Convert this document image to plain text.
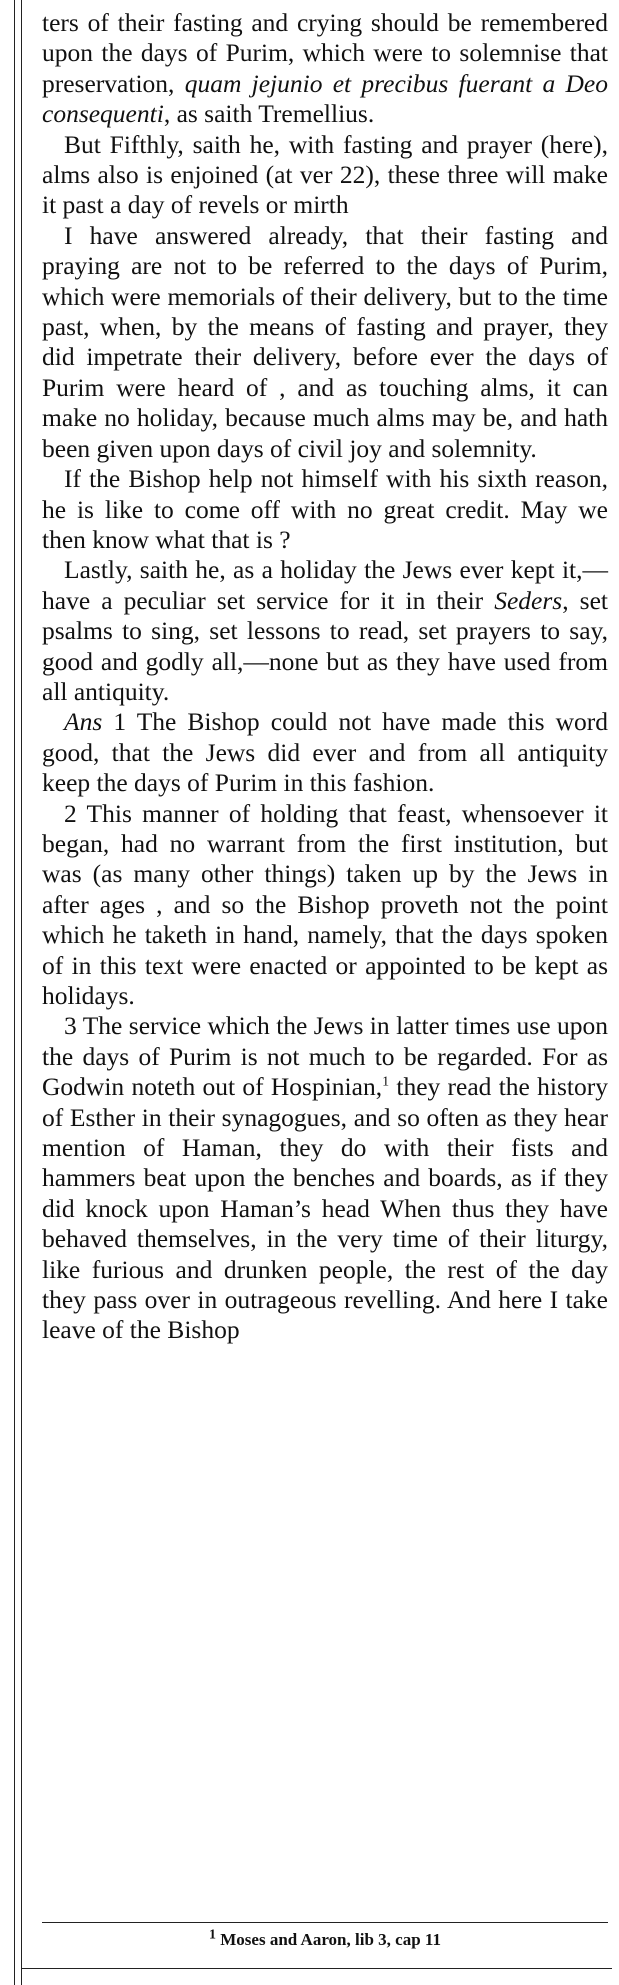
ters of their fasting and crying should be remembered upon the days of Purim, which were to solemnise that preservation, quam jejunio et precibus fuerant a Deo consequenti, as saith Tremellius.

But Fifthly, saith he, with fasting and prayer (here), alms also is enjoined (at ver 22), these three will make it past a day of revels or mirth

I have answered already, that their fasting and praying are not to be referred to the days of Purim, which were memorials of their delivery, but to the time past, when, by the means of fasting and prayer, they did impetrate their delivery, before ever the days of Purim were heard of , and as touching alms, it can make no holiday, because much alms may be, and hath been given upon days of civil joy and solemnity.

If the Bishop help not himself with his sixth reason, he is like to come off with no great credit. May we then know what that is ?

Lastly, saith he, as a holiday the Jews ever kept it,—have a peculiar set service for it in their Seders, set psalms to sing, set lessons to read, set prayers to say, good and godly all,—none but as they have used from all antiquity.

Ans 1 The Bishop could not have made this word good, that the Jews did ever and from all antiquity keep the days of Purim in this fashion.

2 This manner of holding that feast, whensoever it began, had no warrant from the first institution, but was (as many other things) taken up by the Jews in after ages , and so the Bishop proveth not the point which he taketh in hand, namely, that the days spoken of in this text were enacted or appointed to be kept as holidays.

3 The service which the Jews in latter times use upon the days of Purim is not much to be regarded. For as Godwin noteth out of Hospinian,$^1$ they read the history of Esther in their synagogues, and so often as they hear mention of Haman, they do with their fists and hammers beat upon the benches and boards, as if they did knock upon Haman’s head When thus they have behaved themselves, in the very time of their liturgy, like furious and drunken people, the rest of the day they pass over in outrageous revelling. And here I take leave of the Bishop

$^1$ Moses and Aaron, lib 3, cap 11
